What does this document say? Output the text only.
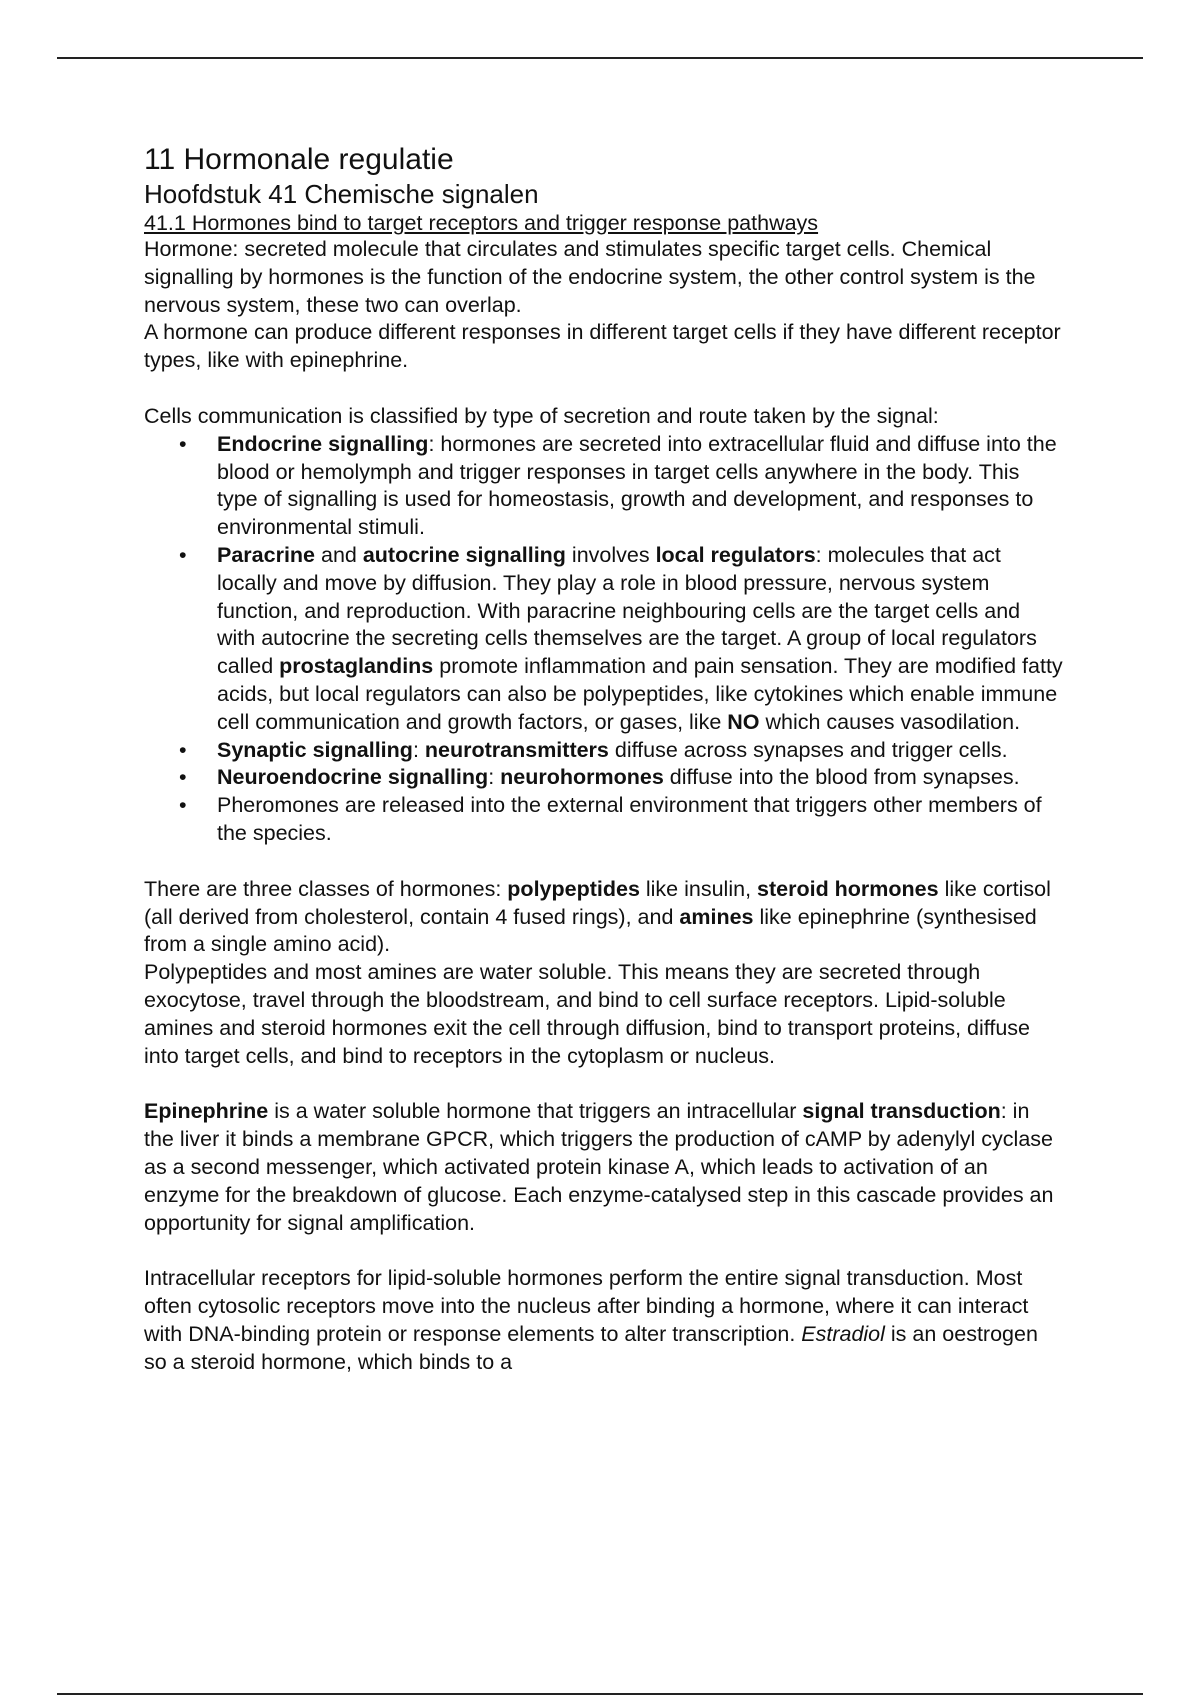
11 Hormonale regulatie
Hoofdstuk 41 Chemische signalen
41.1 Hormones bind to target receptors and trigger response pathways

Hormone: secreted molecule that circulates and stimulates specific target cells. Chemical signalling by hormones is the function of the endocrine system, the other control system is the nervous system, these two can overlap.

A hormone can produce different responses in different target cells if they have different receptor types, like with epinephrine.

Cells communication is classified by type of secretion and route taken by the signal:

• Endocrine signalling: hormones are secreted into extracellular fluid and diffuse into the blood or hemolymph and trigger responses in target cells anywhere in the body. This type of signalling is used for homeostasis, growth and development, and responses to environmental stimuli.
• Paracrine and autocrine signalling involves local regulators: molecules that act locally and move by diffusion. They play a role in blood pressure, nervous system function, and reproduction. With paracrine neighbouring cells are the target cells and with autocrine the secreting cells themselves are the target. A group of local regulators called prostaglandins promote inflammation and pain sensation. They are modified fatty acids, but local regulators can also be polypeptides, like cytokines which enable immune cell communication and growth factors, or gases, like NO which causes vasodilation.
• Synaptic signalling: neurotransmitters diffuse across synapses and trigger cells.
• Neuroendocrine signalling: neurohormones diffuse into the blood from synapses.
• Pheromones are released into the external environment that triggers other members of the species.

There are three classes of hormones: polypeptides like insulin, steroid hormones like cortisol (all derived from cholesterol, contain 4 fused rings), and amines like epinephrine (synthesised from a single amino acid).

Polypeptides and most amines are water soluble. This means they are secreted through exocytose, travel through the bloodstream, and bind to cell surface receptors. Lipid-soluble amines and steroid hormones exit the cell through diffusion, bind to transport proteins, diffuse into target cells, and bind to receptors in the cytoplasm or nucleus.

Epinephrine is a water soluble hormone that triggers an intracellular signal transduction: in the liver it binds a membrane GPCR, which triggers the production of cAMP by adenylyl cyclase as a second messenger, which activated protein kinase A, which leads to activation of an enzyme for the breakdown of glucose. Each enzyme-catalysed step in this cascade provides an opportunity for signal amplification.

Intracellular receptors for lipid-soluble hormones perform the entire signal transduction. Most often cytosolic receptors move into the nucleus after binding a hormone, where it can interact with DNA-binding protein or response elements to alter transcription. Estradiol is an oestrogen so a steroid hormone, which binds to a
